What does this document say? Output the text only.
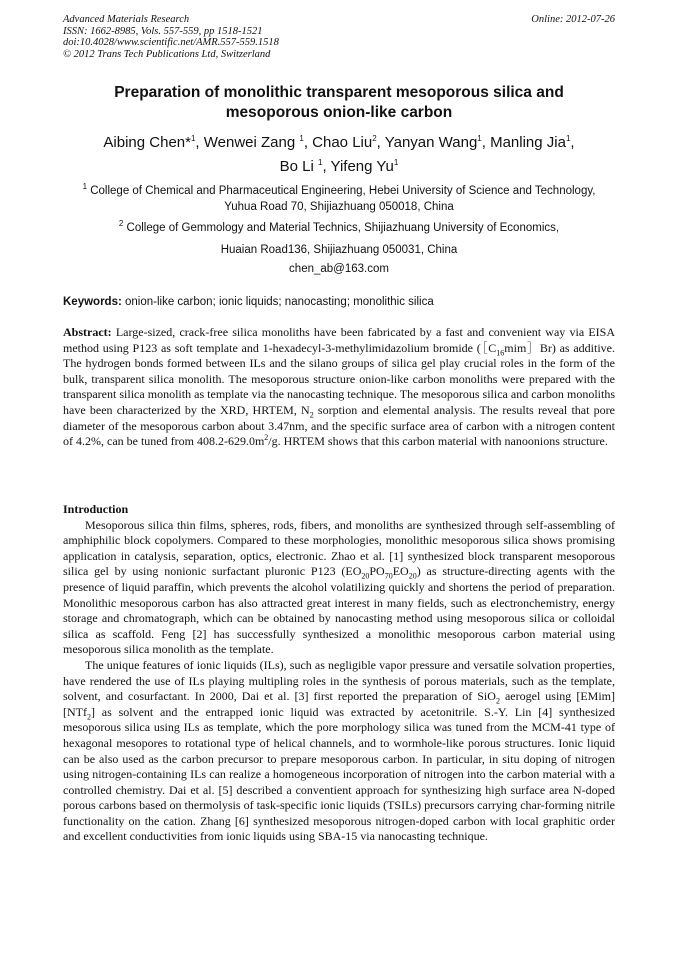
Advanced Materials Research
ISSN: 1662-8985, Vols. 557-559, pp 1518-1521
doi:10.4028/www.scientific.net/AMR.557-559.1518
© 2012 Trans Tech Publications Ltd, Switzerland
Online: 2012-07-26
Preparation of monolithic transparent mesoporous silica and
mesoporous onion-like carbon
Aibing Chen*$^1$, Wenwei Zang $^1$, Chao Liu$^2$, Yanyan Wang$^1$, Manling Jia$^1$,
Bo Li $^1$, Yifeng Yu$^1$

$^1$ College of Chemical and Pharmaceutical Engineering, Hebei University of Science and Technology,

Yuhua Road 70, Shijiazhuang 050018, China

$^2$ College of Gemmology and Material Technics, Shijiazhuang University of Economics,

Huaian Road136, Shijiazhuang 050031, China

chen_ab@163.com

Keywords: onion-like carbon; ionic liquids; nanocasting; monolithic silica

Abstract: Large-sized, crack-free silica monoliths have been fabricated by a fast and convenient way via EISA method using P123 as soft template and 1-hexadecyl-3-methylimidazolium bromide $([C_{16}mim]Br)$ as additive. The hydrogen bonds formed between ILs and the silano groups of silica gel play crucial roles in the form of the bulk, transparent silica monolith. The mesoporous structure onion-like carbon monoliths were prepared with the transparent silica monolith as template via the nanocasting technique. The mesoporous silica and carbon monoliths have been characterized by the XRD, HRTEM, $N_2$ sorption and elemental analysis. The results reveal that pore diameter of the mesoporous carbon about 3.47nm, and the specific surface area of carbon with a nitrogen content of 4.2%, can be tuned from $408.2-629.0m^2/g$. HRTEM shows that this carbon material with nanoonions structure.

Introduction

Mesoporous silica thin films, spheres, rods, fibers, and monoliths are synthesized through self-assembling of amphiphilic block copolymers. Compared to these morphologies, monolithic mesoporous silica shows promising application in catalysis, separation, optics, electronic. Zhao et al. [1] synthesized block transparent mesoporous silica gel by using nonionic surfactant pluronic P123 $(EO_{20}PO_{70}EO_{20})$ as structure-directing agents with the presence of liquid paraffin, which prevents the alcohol volatilizing quickly and shortens the period of preparation. Monolithic mesoporous carbon has also attracted great interest in many fields, such as electronchemistry, energy storage and chromatograph, which can be obtained by nanocasting method using mesoporous silica or colloidal silica as scaffold. Feng [2] has successfully synthesized a monolithic mesoporous carbon material using mesoporous silica monolith as the template.

The unique features of ionic liquids (ILs), such as negligible vapor pressure and versatile solvation properties, have rendered the use of ILs playing multipling roles in the synthesis of porous materials, such as the template, solvent, and cosurfactant. In 2000, Dai et al. [3] first reported the preparation of SiO$_2$ aerogel using [EMim] [NTf$_2$] as solvent and the entrapped ionic liquid was extracted by acetonitrile. S.-Y. Lin [4] synthesized mesoporous silica using ILs as template, which the pore morphology silica was tuned from the MCM-41 type of hexagonal mesopores to rotational type of helical channels, and to wormhole-like porous structures. Ionic liquid can be also used as the carbon precursor to prepare mesoporous carbon. In particular, in situ doping of nitrogen using nitrogen-containing ILs can realize a homogeneous incorporation of nitrogen into the carbon material with a controlled chemistry. Dai et al. [5] described a conventient approach for synthesizing high surface area N-doped porous carbons based on thermolysis of task-specific ionic liquids (TSILs) precursors carrying char-forming nitrile functionality on the cation. Zhang [6] synthesized mesoporous nitrogen-doped carbon with local graphitic order and excellent conductivities from ionic liquids using SBA-15 via nanocasting technique.
